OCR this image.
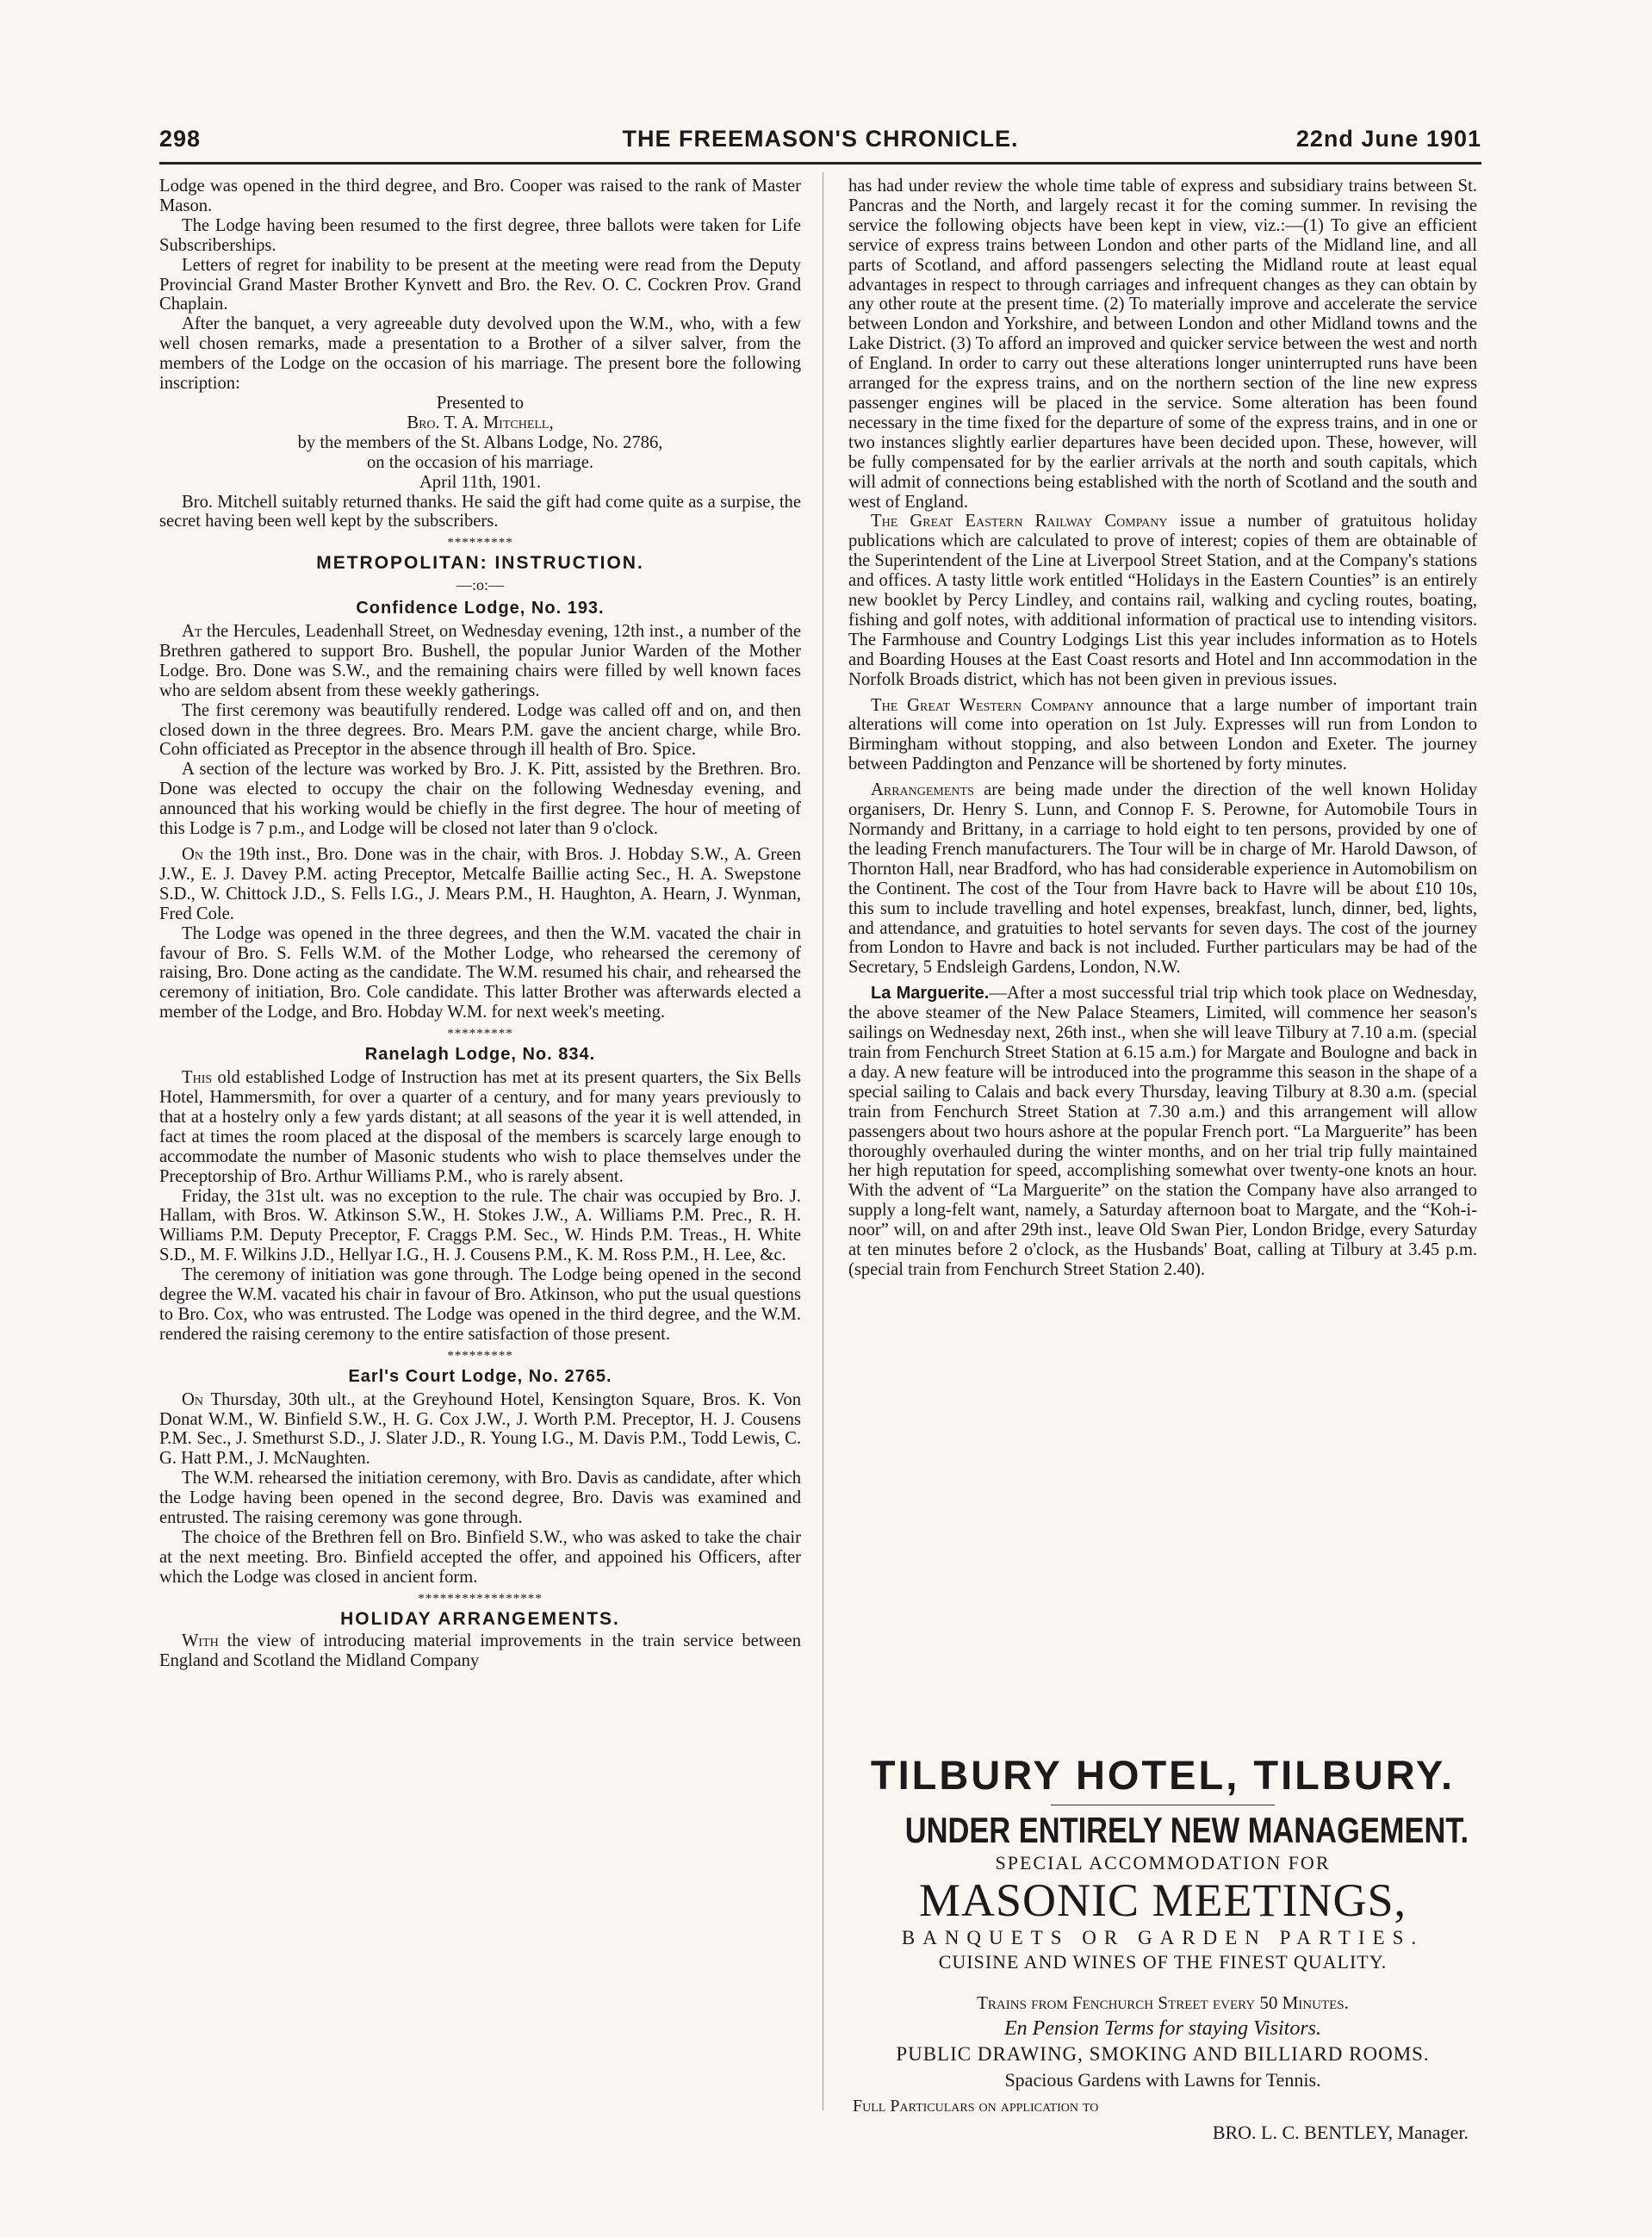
298	THE FREEMASON'S CHRONICLE.	22nd June 1901

Lodge was opened in the third degree, and Bro. Cooper was raised to the rank of Master Mason.

The Lodge having been resumed to the first degree, three ballots were taken for Life Subscriberships.

Letters of regret for inability to be present at the meeting were read from the Deputy Provincial Grand Master Brother Kynvett and Bro. the Rev. O. C. Cockren Prov. Grand Chaplain.

After the banquet, a very agreeable duty devolved upon the W.M., who, with a few well chosen remarks, made a presentation to a Brother of a silver salver, from the members of the Lodge on the occasion of his marriage. The present bore the following inscription:

Presented to

Bro. T. A. Mitchell,

by the members of the St. Albans Lodge, No. 2786,

on the occasion of his marriage.

April 11th, 1901.

Bro. Mitchell suitably returned thanks. He said the gift had come quite as a surpise, the secret having been well kept by the subscribers.

*********
METROPOLITAN: INSTRUCTION.
—:o:—
Confidence Lodge, No. 193.

At the Hercules, Leadenhall Street, on Wednesday evening, 12th inst., a number of the Brethren gathered to support Bro. Bushell, the popular Junior Warden of the Mother Lodge. Bro. Done was S.W., and the remaining chairs were filled by well known faces who are seldom absent from these weekly gatherings.

The first ceremony was beautifully rendered. Lodge was called off and on, and then closed down in the three degrees. Bro. Mears P.M. gave the ancient charge, while Bro. Cohn officiated as Preceptor in the absence through ill health of Bro. Spice.

A section of the lecture was worked by Bro. J. K. Pitt, assisted by the Brethren. Bro. Done was elected to occupy the chair on the following Wednesday evening, and announced that his working would be chiefly in the first degree. The hour of meeting of this Lodge is 7 p.m., and Lodge will be closed not later than 9 o'clock.

On the 19th inst., Bro. Done was in the chair, with Bros. J. Hobday S.W., A. Green J.W., E. J. Davey P.M. acting Preceptor, Metcalfe Baillie acting Sec., H. A. Swepstone S.D., W. Chittock J.D., S. Fells I.G., J. Mears P.M., H. Haughton, A. Hearn, J. Wynman, Fred Cole.

The Lodge was opened in the three degrees, and then the W.M. vacated the chair in favour of Bro. S. Fells W.M. of the Mother Lodge, who rehearsed the ceremony of raising, Bro. Done acting as the candidate. The W.M. resumed his chair, and rehearsed the ceremony of initiation, Bro. Cole candidate. This latter Brother was afterwards elected a member of the Lodge, and Bro. Hobday W.M. for next week's meeting.

*********
Ranelagh Lodge, No. 834.

This old established Lodge of Instruction has met at its present quarters, the Six Bells Hotel, Hammersmith, for over a quarter of a century, and for many years previously to that at a hostelry only a few yards distant; at all seasons of the year it is well attended, in fact at times the room placed at the disposal of the members is scarcely large enough to accommodate the number of Masonic students who wish to place themselves under the Preceptorship of Bro. Arthur Williams P.M., who is rarely absent.

Friday, the 31st ult. was no exception to the rule. The chair was occupied by Bro. J. Hallam, with Bros. W. Atkinson S.W., H. Stokes J.W., A. Williams P.M. Prec., R. H. Williams P.M. Deputy Preceptor, F. Craggs P.M. Sec., W. Hinds P.M. Treas., H. White S.D., M. F. Wilkins J.D., Hellyar I.G., H. J. Cousens P.M., K. M. Ross P.M., H. Lee, &c.

The ceremony of initiation was gone through. The Lodge being opened in the second degree the W.M. vacated his chair in favour of Bro. Atkinson, who put the usual questions to Bro. Cox, who was entrusted. The Lodge was opened in the third degree, and the W.M. rendered the raising ceremony to the entire satisfaction of those present.

*********
Earl's Court Lodge, No. 2765.

On Thursday, 30th ult., at the Greyhound Hotel, Kensington Square, Bros. K. Von Donat W.M., W. Binfield S.W., H. G. Cox J.W., J. Worth P.M. Preceptor, H. J. Cousens P.M. Sec., J. Smethurst S.D., J. Slater J.D., R. Young I.G., M. Davis P.M., Todd Lewis, C. G. Hatt P.M., J. McNaughten.

The W.M. rehearsed the initiation ceremony, with Bro. Davis as candidate, after which the Lodge having been opened in the second degree, Bro. Davis was examined and entrusted. The raising ceremony was gone through.

The choice of the Brethren fell on Bro. Binfield S.W., who was asked to take the chair at the next meeting. Bro. Binfield accepted the offer, and appoined his Officers, after which the Lodge was closed in ancient form.

*****************
HOLIDAY ARRANGEMENTS.

With the view of introducing material improvements in the train service between England and Scotland the Midland Company

has had under review the whole time table of express and subsidiary trains between St. Pancras and the North, and largely recast it for the coming summer. In revising the service the following objects have been kept in view, viz.:—(1) To give an efficient service of express trains between London and other parts of the Midland line, and all parts of Scotland, and afford passengers selecting the Midland route at least equal advantages in respect to through carriages and infrequent changes as they can obtain by any other route at the present time. (2) To materially improve and accelerate the service between London and Yorkshire, and between London and other Midland towns and the Lake District. (3) To afford an improved and quicker service between the west and north of England. In order to carry out these alterations longer uninterrupted runs have been arranged for the express trains, and on the northern section of the line new express passenger engines will be placed in the service. Some alteration has been found necessary in the time fixed for the departure of some of the express trains, and in one or two instances slightly earlier departures have been decided upon. These, however, will be fully compensated for by the earlier arrivals at the north and south capitals, which will admit of connections being established with the north of Scotland and the south and west of England.

The Great Eastern Railway Company issue a number of gratuitous holiday publications which are calculated to prove of interest; copies of them are obtainable of the Superintendent of the Line at Liverpool Street Station, and at the Company's stations and offices. A tasty little work entitled “Holidays in the Eastern Counties” is an entirely new booklet by Percy Lindley, and contains rail, walking and cycling routes, boating, fishing and golf notes, with additional information of practical use to intending visitors. The Farmhouse and Country Lodgings List this year includes information as to Hotels and Boarding Houses at the East Coast resorts and Hotel and Inn accommodation in the Norfolk Broads district, which has not been given in previous issues.

The Great Western Company announce that a large number of important train alterations will come into operation on 1st July. Expresses will run from London to Birmingham without stopping, and also between London and Exeter. The journey between Paddington and Penzance will be shortened by forty minutes.

Arrangements are being made under the direction of the well known Holiday organisers, Dr. Henry S. Lunn, and Connop F. S. Perowne, for Automobile Tours in Normandy and Brittany, in a carriage to hold eight to ten persons, provided by one of the leading French manufacturers. The Tour will be in charge of Mr. Harold Dawson, of Thornton Hall, near Bradford, who has had considerable experience in Automobilism on the Continent. The cost of the Tour from Havre back to Havre will be about £10 10s, this sum to include travelling and hotel expenses, breakfast, lunch, dinner, bed, lights, and attendance, and gratuities to hotel servants for seven days. The cost of the journey from London to Havre and back is not included. Further particulars may be had of the Secretary, 5 Endsleigh Gardens, London, N.W.

La Marguerite.—After a most successful trial trip which took place on Wednesday, the above steamer of the New Palace Steamers, Limited, will commence her season's sailings on Wednesday next, 26th inst., when she will leave Tilbury at 7.10 a.m. (special train from Fenchurch Street Station at 6.15 a.m.) for Margate and Boulogne and back in a day. A new feature will be introduced into the programme this season in the shape of a special sailing to Calais and back every Thursday, leaving Tilbury at 8.30 a.m. (special train from Fenchurch Street Station at 7.30 a.m.) and this arrangement will allow passengers about two hours ashore at the popular French port. “La Marguerite” has been thoroughly overhauled during the winter months, and on her trial trip fully maintained her high reputation for speed, accomplishing somewhat over twenty-one knots an hour. With the advent of “La Marguerite” on the station the Company have also arranged to supply a long-felt want, namely, a Saturday afternoon boat to Margate, and the “Koh-i-noor” will, on and after 29th inst., leave Old Swan Pier, London Bridge, every Saturday at ten minutes before 2 o'clock, as the Husbands' Boat, calling at Tilbury at 3.45 p.m. (special train from Fenchurch Street Station 2.40).

TILBURY HOTEL, TILBURY.
UNDER ENTIRELY NEW MANAGEMENT.
SPECIAL ACCOMMODATION FOR
MASONIC MEETINGS,
BANQUETS OR GARDEN PARTIES.
CUISINE AND WINES OF THE FINEST QUALITY.
Trains from Fenchurch Street every 50 Minutes.
En Pension Terms for staying Visitors.
PUBLIC DRAWING, SMOKING AND BILLIARD ROOMS.
Spacious Gardens with Lawns for Tennis.
Full Particulars on application to
BRO. L. C. BENTLEY, Manager.
